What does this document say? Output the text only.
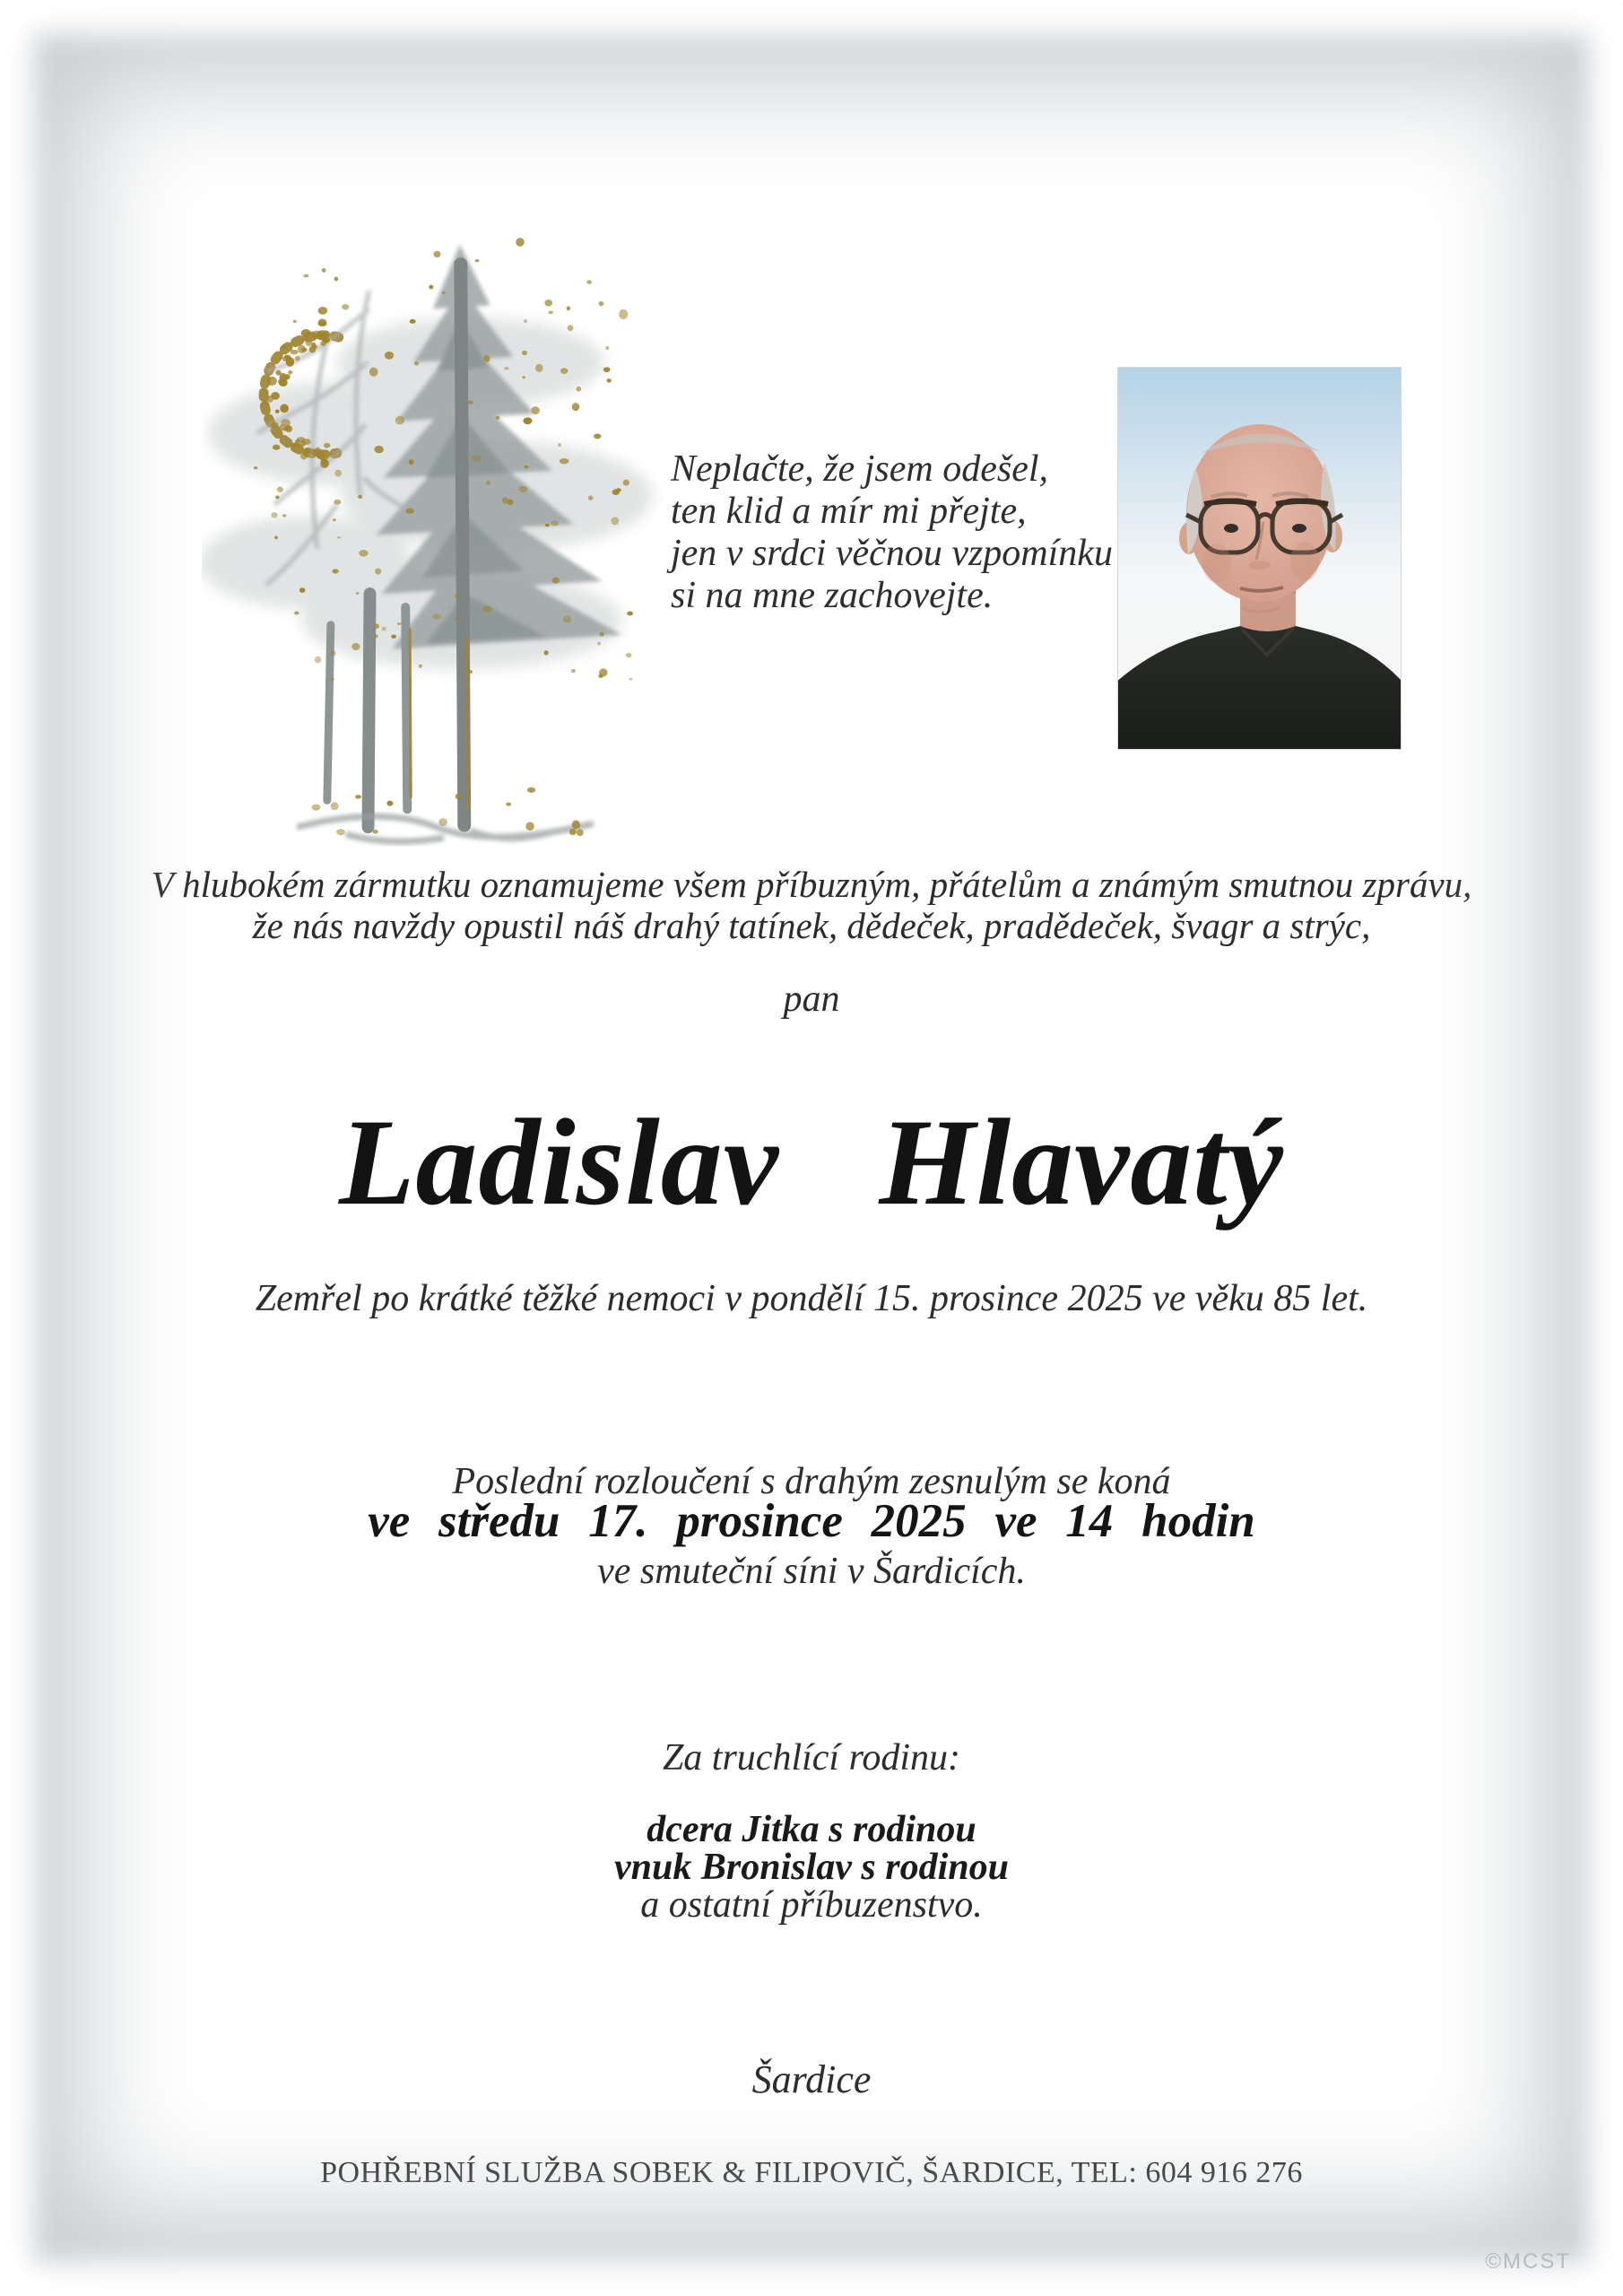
Neplačte, že jsem odešel,
ten klid a mír mi přejte,
jen v srdci věčnou vzpomínku
si na mne zachovejte.
V hlubokém zármutku oznamujeme všem příbuzným, přátelům a známým smutnou zprávu,
že nás navždy opustil náš drahý tatínek, dědeček, pradědeček, švagr a strýc,
pan
Ladislav Hlavatý
Zemřel po krátké těžké nemoci v pondělí 15. prosince 2025 ve věku 85 let.
Poslední rozloučení s drahým zesnulým se koná
ve středu 17. prosince 2025 ve 14 hodin
ve smuteční síni v Šardicích.
Za truchlící rodinu:
dcera Jitka s rodinou
vnuk Bronislav s rodinou
a ostatní příbuzenstvo.
Šardice
POHŘEBNÍ SLUŽBA SOBEK & FILIPOVIČ, ŠARDICE, TEL: 604 916 276
©MCST
